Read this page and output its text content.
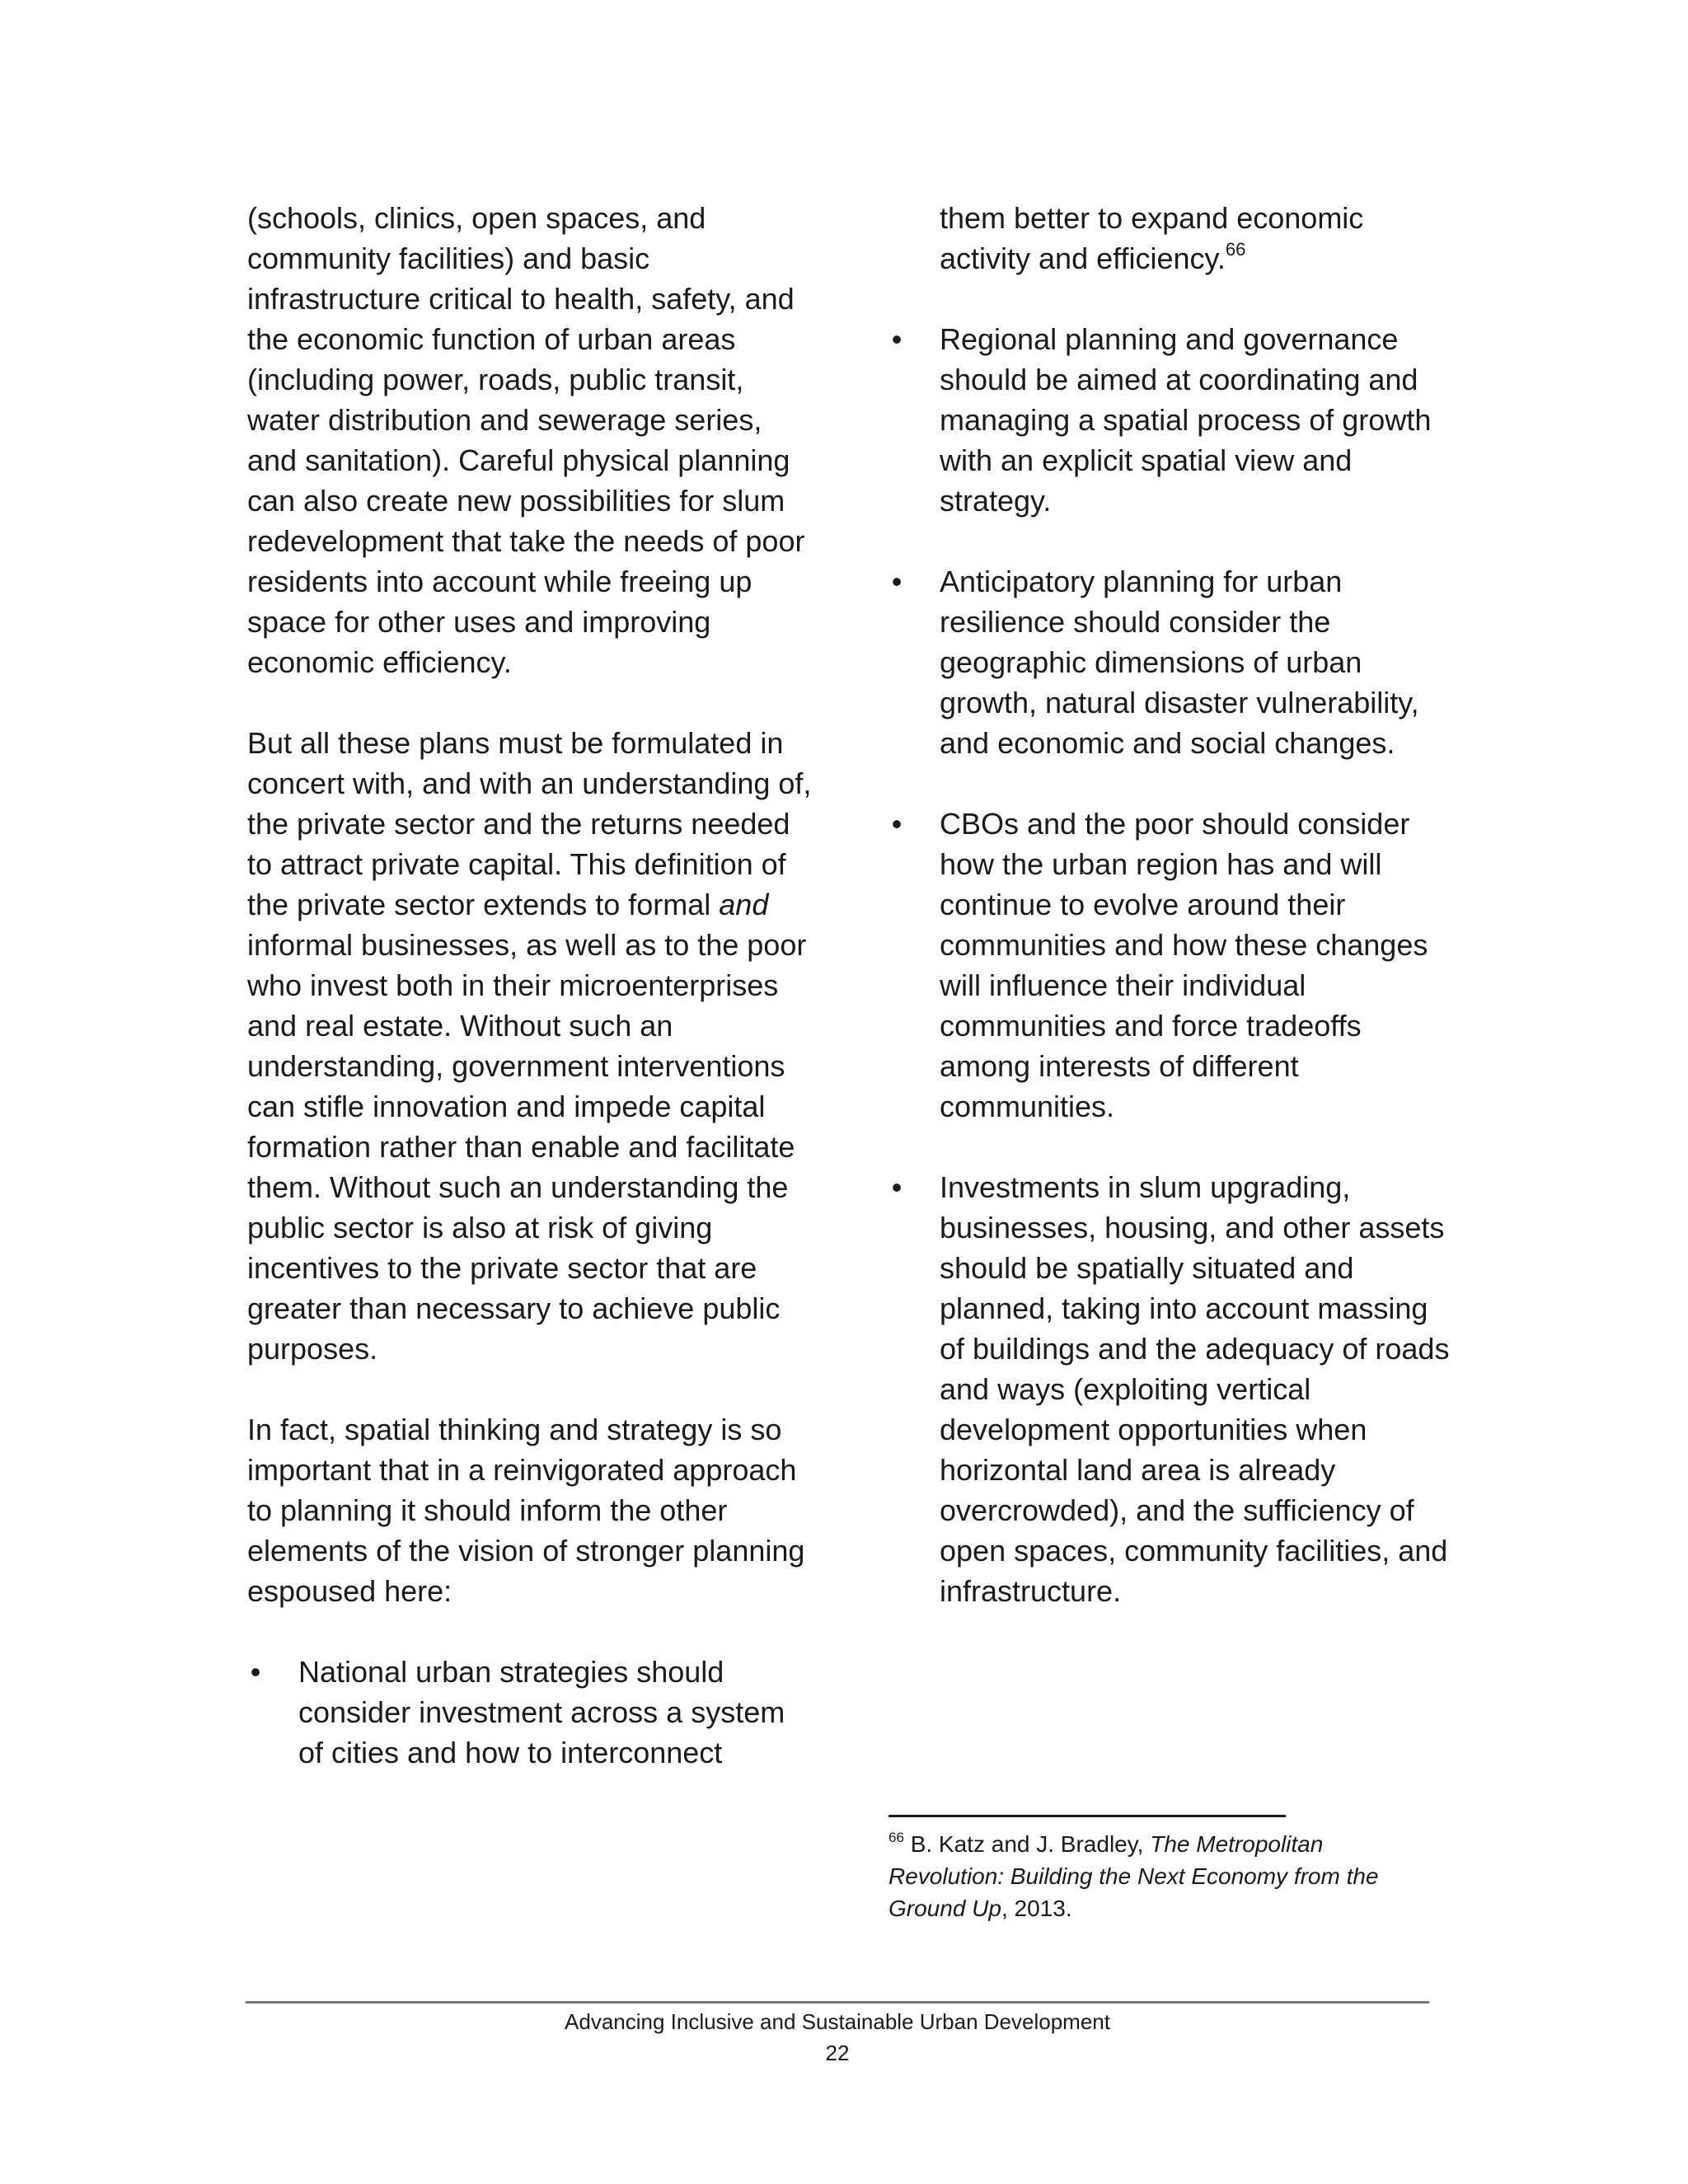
(schools, clinics, open spaces, and community facilities) and basic infrastructure critical to health, safety, and the economic function of urban areas (including power, roads, public transit, water distribution and sewerage series, and sanitation). Careful physical planning can also create new possibilities for slum redevelopment that take the needs of poor residents into account while freeing up space for other uses and improving economic efficiency.

But all these plans must be formulated in concert with, and with an understanding of, the private sector and the returns needed to attract private capital. This definition of the private sector extends to formal and informal businesses, as well as to the poor who invest both in their microenterprises and real estate. Without such an understanding, government interventions can stifle innovation and impede capital formation rather than enable and facilitate them. Without such an understanding the public sector is also at risk of giving incentives to the private sector that are greater than necessary to achieve public purposes.

In fact, spatial thinking and strategy is so important that in a reinvigorated approach to planning it should inform the other elements of the vision of stronger planning espoused here:

• National urban strategies should consider investment across a system of cities and how to interconnect
them better to expand economic activity and efficiency.$^{66}$
• Regional planning and governance should be aimed at coordinating and managing a spatial process of growth with an explicit spatial view and strategy.
• Anticipatory planning for urban resilience should consider the geographic dimensions of urban growth, natural disaster vulnerability, and economic and social changes.
• CBOs and the poor should consider how the urban region has and will continue to evolve around their communities and how these changes will influence their individual communities and force tradeoffs among interests of different communities.
• Investments in slum upgrading, businesses, housing, and other assets should be spatially situated and planned, taking into account massing of buildings and the adequacy of roads and ways (exploiting vertical development opportunities when horizontal land area is already overcrowded), and the sufficiency of open spaces, community facilities, and infrastructure.
$^{66}$ B. Katz and J. Bradley, The Metropolitan Revolution: Building the Next Economy from the Ground Up, 2013.
Advancing Inclusive and Sustainable Urban Development
22
